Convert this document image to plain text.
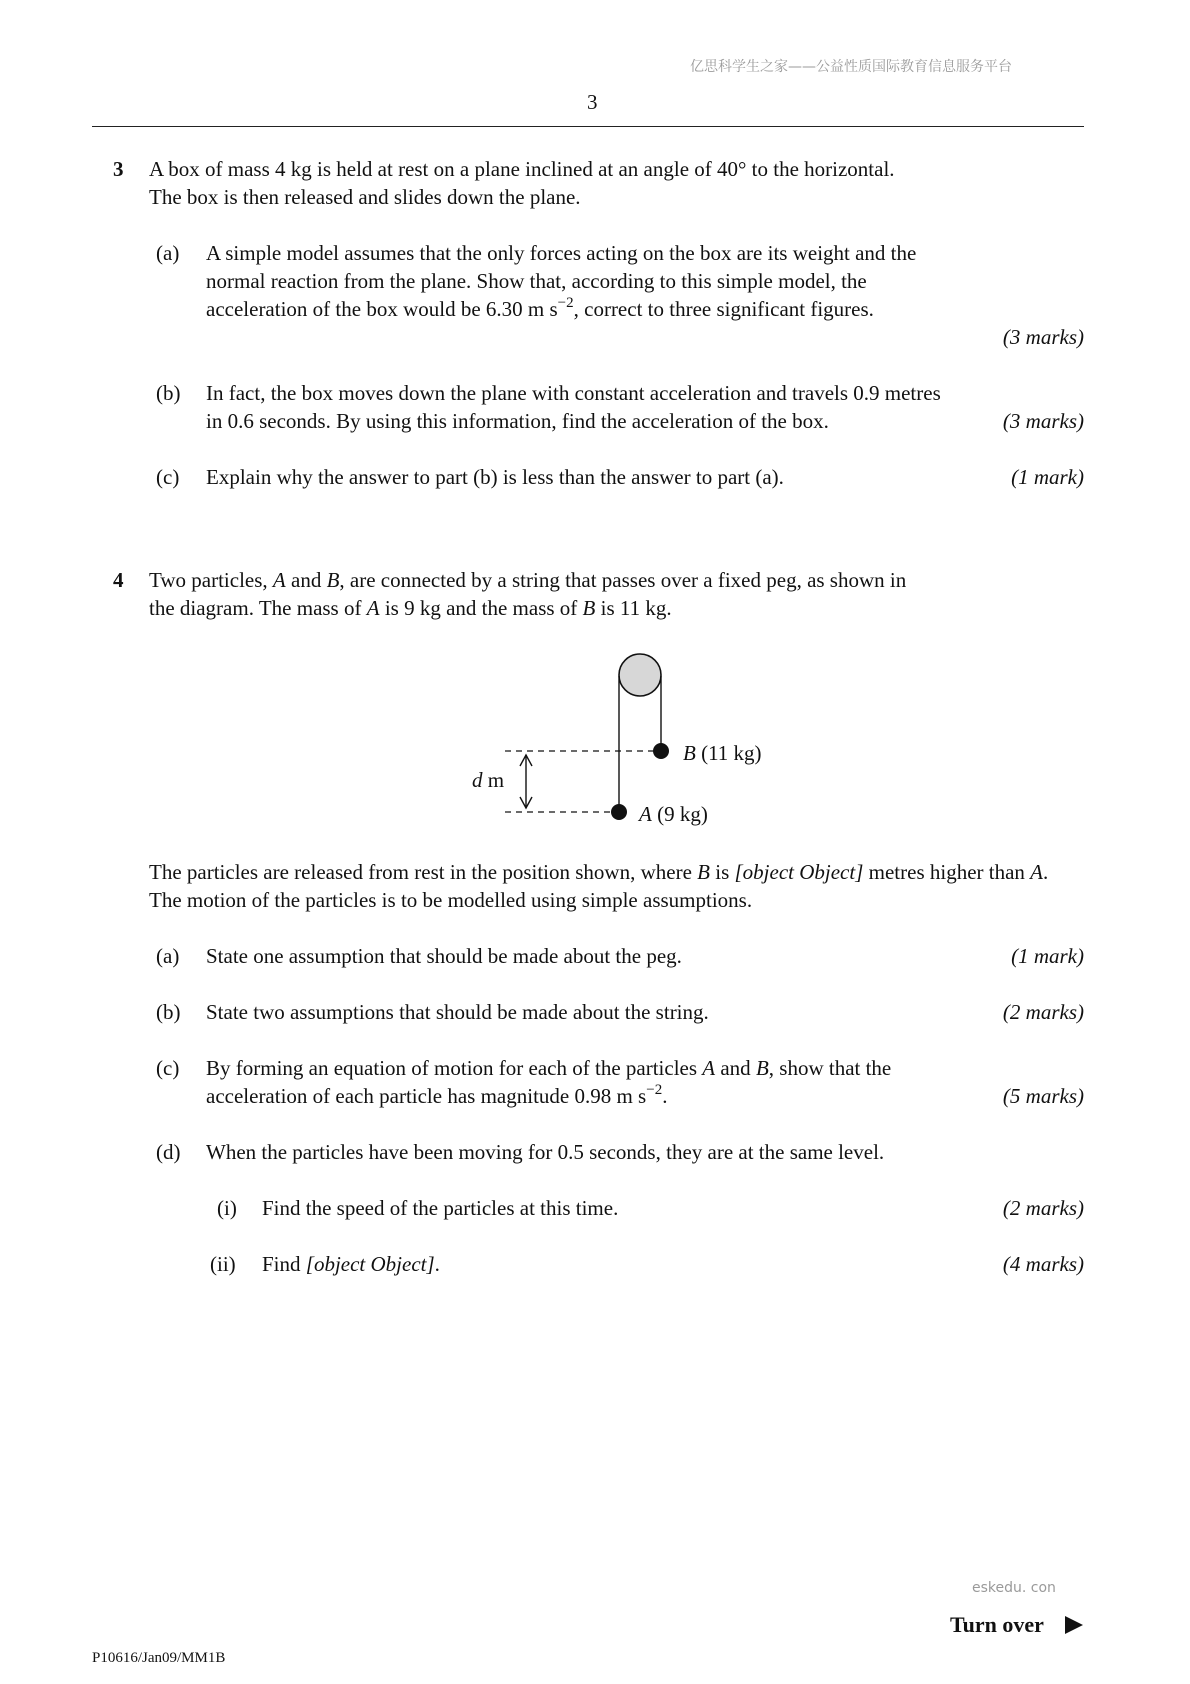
亿思科学生之家——公益性质国际教育信息服务平台
3
3 A box of mass 4 kg is held at rest on a plane inclined at an angle of 40° to the horizontal.
The box is then released and slides down the plane.
(a) A simple model assumes that the only forces acting on the box are its weight and the
normal reaction from the plane. Show that, according to this simple model, the
acceleration of the box would be 6.30 m $s^{-2}$, correct to three significant figures.
(3 marks)
(b) In fact, the box moves down the plane with constant acceleration and travels 0.9 metres
in 0.6 seconds. By using this information, find the acceleration of the box.	(3 marks)
(c) Explain why the answer to part (b) is less than the answer to part (a).	(1 mark)
4 Two particles, A and B, are connected by a string that passes over a fixed peg, as shown in
the diagram. The mass of A is 9 kg and the mass of B is 11 kg.
d m
B (11 kg)
A (9 kg)
The particles are released from rest in the position shown, where B is [object Object] metres higher than A.
The motion of the particles is to be modelled using simple assumptions.
(a) State one assumption that should be made about the peg.	(1 mark)
(b) State two assumptions that should be made about the string.	(2 marks)
(c) By forming an equation of motion for each of the particles A and B, show that the
acceleration of each particle has magnitude 0.98 m $s^{-2}$.	(5 marks)
(d) When the particles have been moving for 0.5 seconds, they are at the same level.
(i) Find the speed of the particles at this time.	(2 marks)
(ii) Find [object Object].	(4 marks)
eskedu. con
Turn over
P10616/Jan09/MM1B
